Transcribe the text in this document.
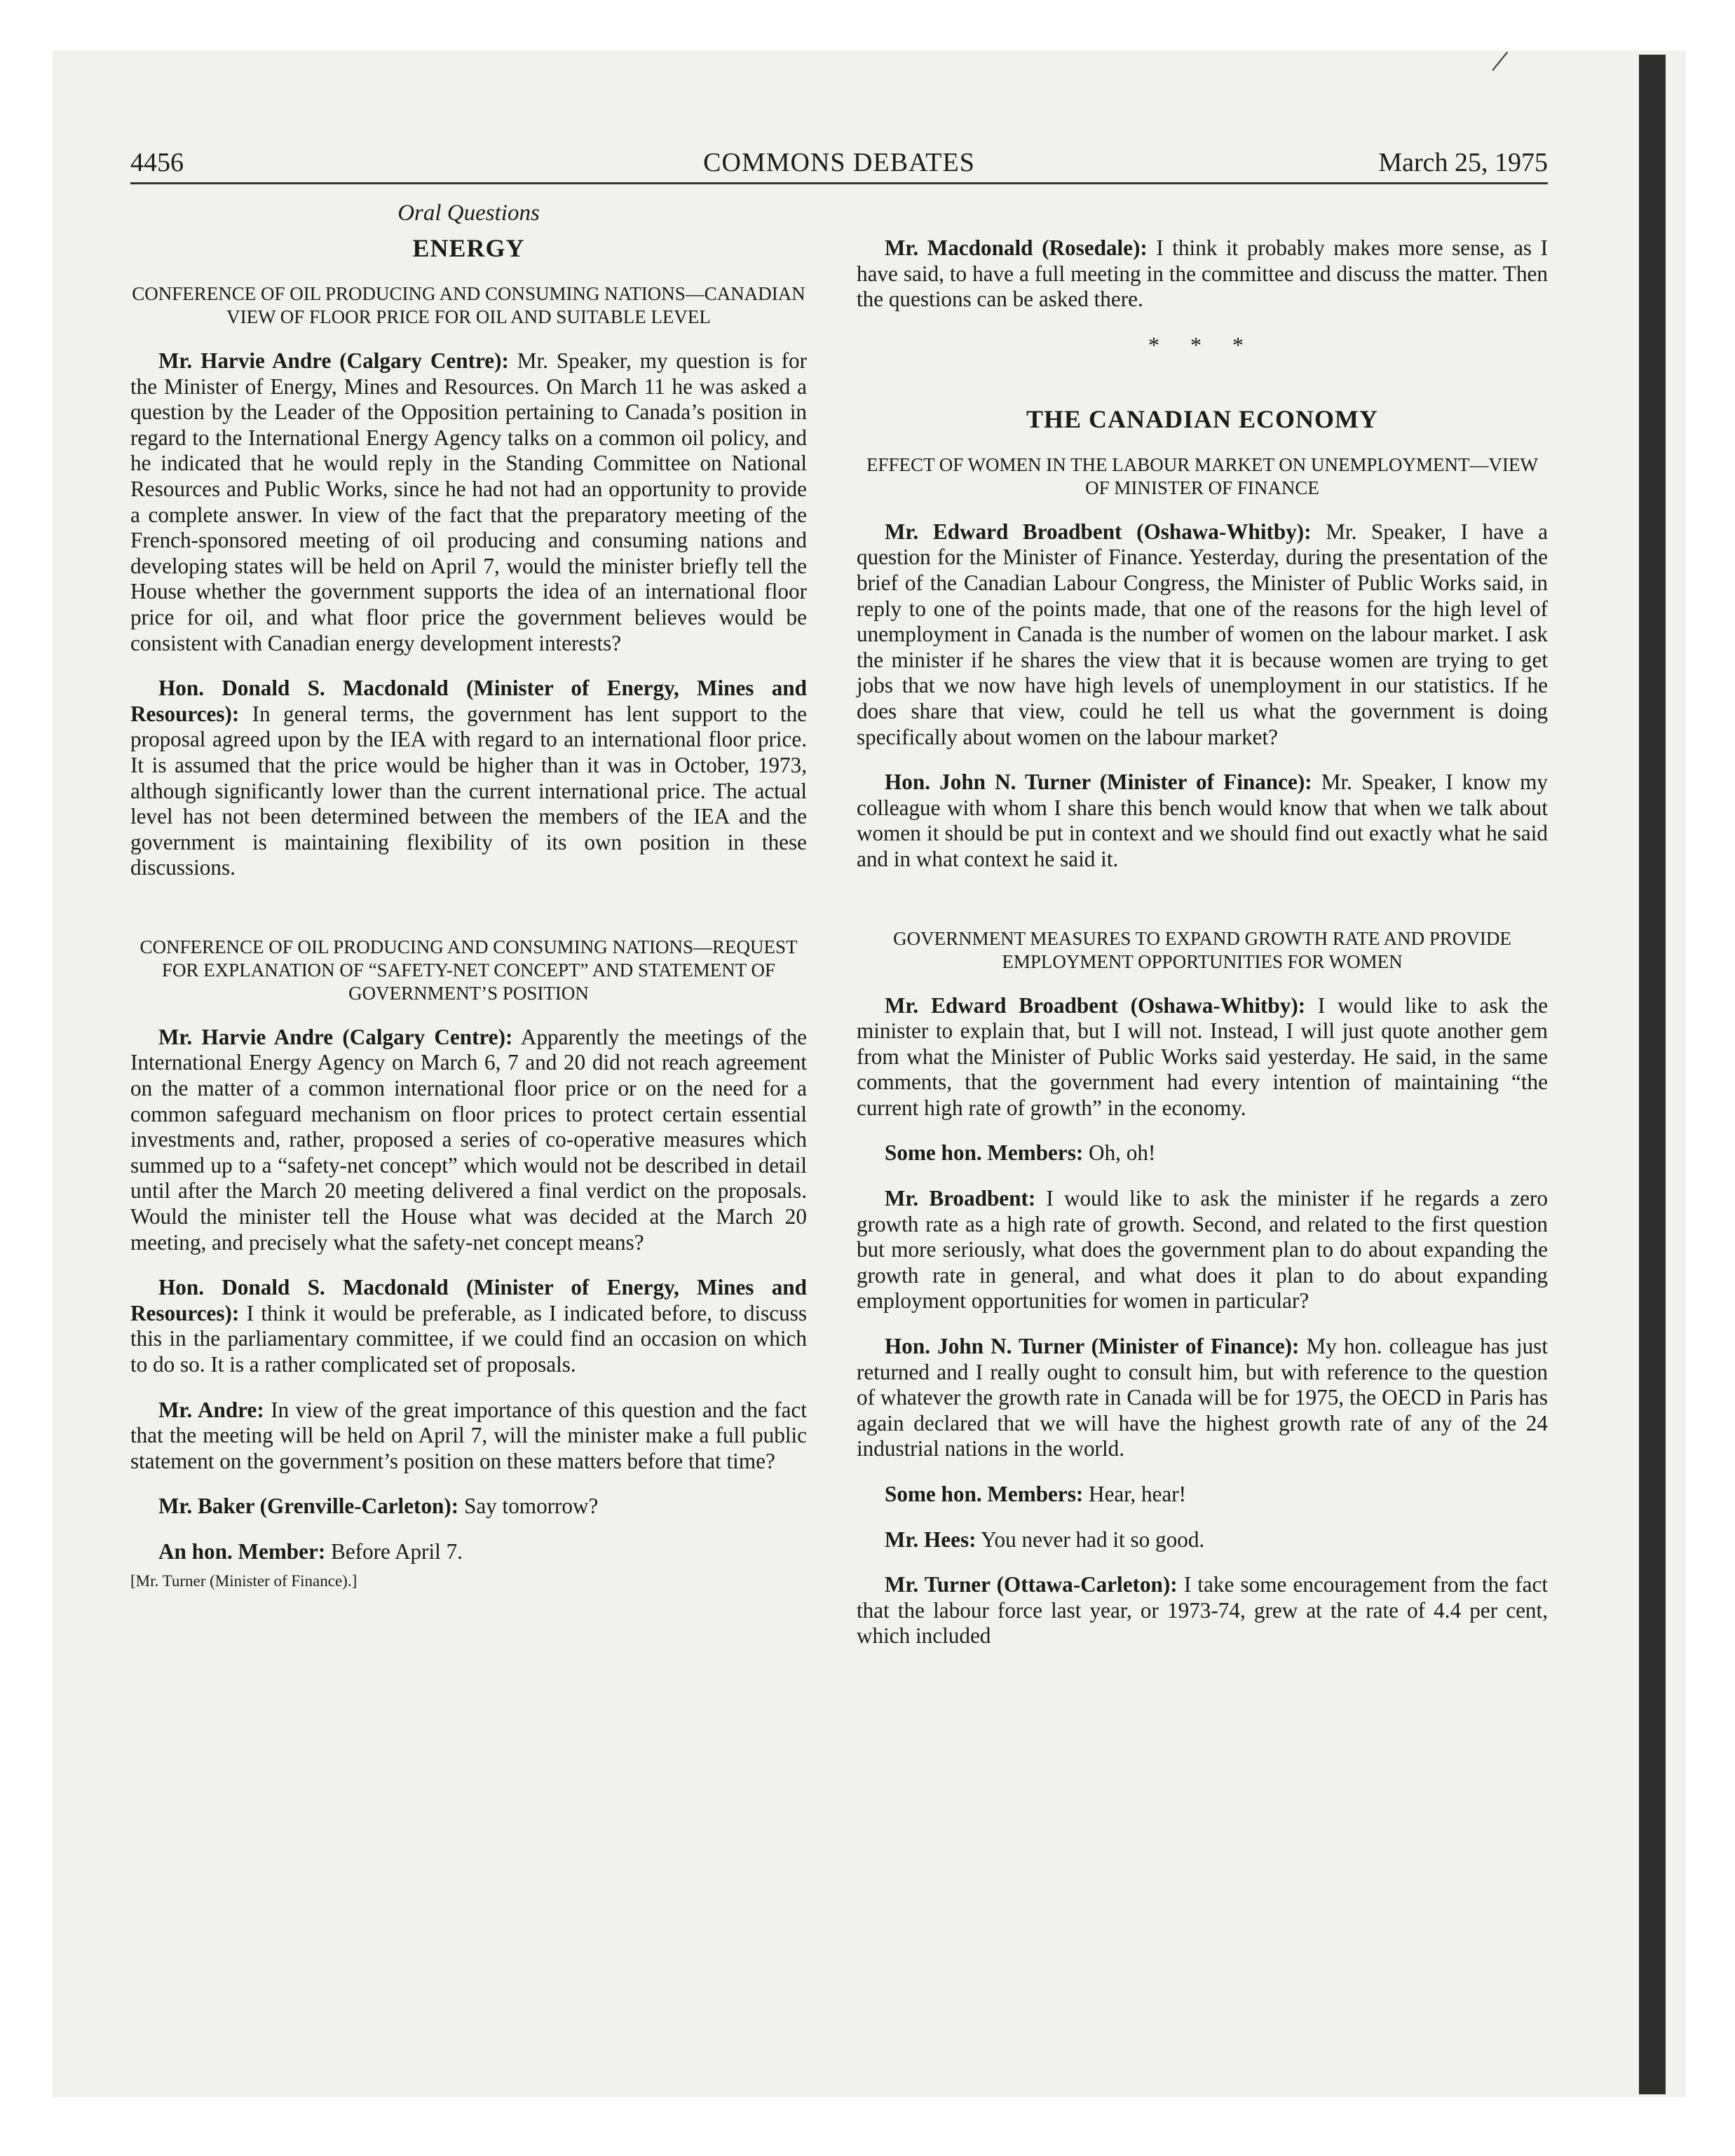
/
4456	COMMONS DEBATES	March 25, 1975
Oral Questions
ENERGY
CONFERENCE OF OIL PRODUCING AND CONSUMING NATIONS—CANADIAN VIEW OF FLOOR PRICE FOR OIL AND SUITABLE LEVEL

Mr. Harvie Andre (Calgary Centre): Mr. Speaker, my question is for the Minister of Energy, Mines and Resources. On March 11 he was asked a question by the Leader of the Opposition pertaining to Canada’s position in regard to the International Energy Agency talks on a common oil policy, and he indicated that he would reply in the Standing Committee on National Resources and Public Works, since he had not had an opportunity to provide a complete answer. In view of the fact that the preparatory meeting of the French-sponsored meeting of oil producing and consuming nations and developing states will be held on April 7, would the minister briefly tell the House whether the government supports the idea of an international floor price for oil, and what floor price the government believes would be consistent with Canadian energy development interests?

Hon. Donald S. Macdonald (Minister of Energy, Mines and Resources): In general terms, the government has lent support to the proposal agreed upon by the IEA with regard to an international floor price. It is assumed that the price would be higher than it was in October, 1973, although significantly lower than the current international price. The actual level has not been determined between the members of the IEA and the government is maintaining flexibility of its own position in these discussions.

CONFERENCE OF OIL PRODUCING AND CONSUMING NATIONS—REQUEST FOR EXPLANATION OF “SAFETY-NET CONCEPT” AND STATEMENT OF GOVERNMENT’S POSITION

Mr. Harvie Andre (Calgary Centre): Apparently the meetings of the International Energy Agency on March 6, 7 and 20 did not reach agreement on the matter of a common international floor price or on the need for a common safeguard mechanism on floor prices to protect certain essential investments and, rather, proposed a series of co-operative measures which summed up to a “safety-net concept” which would not be described in detail until after the March 20 meeting delivered a final verdict on the proposals. Would the minister tell the House what was decided at the March 20 meeting, and precisely what the safety-net concept means?

Hon. Donald S. Macdonald (Minister of Energy, Mines and Resources): I think it would be preferable, as I indicated before, to discuss this in the parliamentary committee, if we could find an occasion on which to do so. It is a rather complicated set of proposals.

Mr. Andre: In view of the great importance of this question and the fact that the meeting will be held on April 7, will the minister make a full public statement on the government’s position on these matters before that time?

Mr. Baker (Grenville-Carleton): Say tomorrow?

An hon. Member: Before April 7.

[Mr. Turner (Minister of Finance).]

Mr. Macdonald (Rosedale): I think it probably makes more sense, as I have said, to have a full meeting in the committee and discuss the matter. Then the questions can be asked there.

* * *
THE CANADIAN ECONOMY
EFFECT OF WOMEN IN THE LABOUR MARKET ON UNEMPLOYMENT—VIEW OF MINISTER OF FINANCE

Mr. Edward Broadbent (Oshawa-Whitby): Mr. Speaker, I have a question for the Minister of Finance. Yesterday, during the presentation of the brief of the Canadian Labour Congress, the Minister of Public Works said, in reply to one of the points made, that one of the reasons for the high level of unemployment in Canada is the number of women on the labour market. I ask the minister if he shares the view that it is because women are trying to get jobs that we now have high levels of unemployment in our statistics. If he does share that view, could he tell us what the government is doing specifically about women on the labour market?

Hon. John N. Turner (Minister of Finance): Mr. Speaker, I know my colleague with whom I share this bench would know that when we talk about women it should be put in context and we should find out exactly what he said and in what context he said it.

GOVERNMENT MEASURES TO EXPAND GROWTH RATE AND PROVIDE EMPLOYMENT OPPORTUNITIES FOR WOMEN

Mr. Edward Broadbent (Oshawa-Whitby): I would like to ask the minister to explain that, but I will not. Instead, I will just quote another gem from what the Minister of Public Works said yesterday. He said, in the same comments, that the government had every intention of maintaining “the current high rate of growth” in the economy.

Some hon. Members: Oh, oh!

Mr. Broadbent: I would like to ask the minister if he regards a zero growth rate as a high rate of growth. Second, and related to the first question but more seriously, what does the government plan to do about expanding the growth rate in general, and what does it plan to do about expanding employment opportunities for women in particular?

Hon. John N. Turner (Minister of Finance): My hon. colleague has just returned and I really ought to consult him, but with reference to the question of whatever the growth rate in Canada will be for 1975, the OECD in Paris has again declared that we will have the highest growth rate of any of the 24 industrial nations in the world.

Some hon. Members: Hear, hear!

Mr. Hees: You never had it so good.

Mr. Turner (Ottawa-Carleton): I take some encouragement from the fact that the labour force last year, or 1973-74, grew at the rate of 4.4 per cent, which included
